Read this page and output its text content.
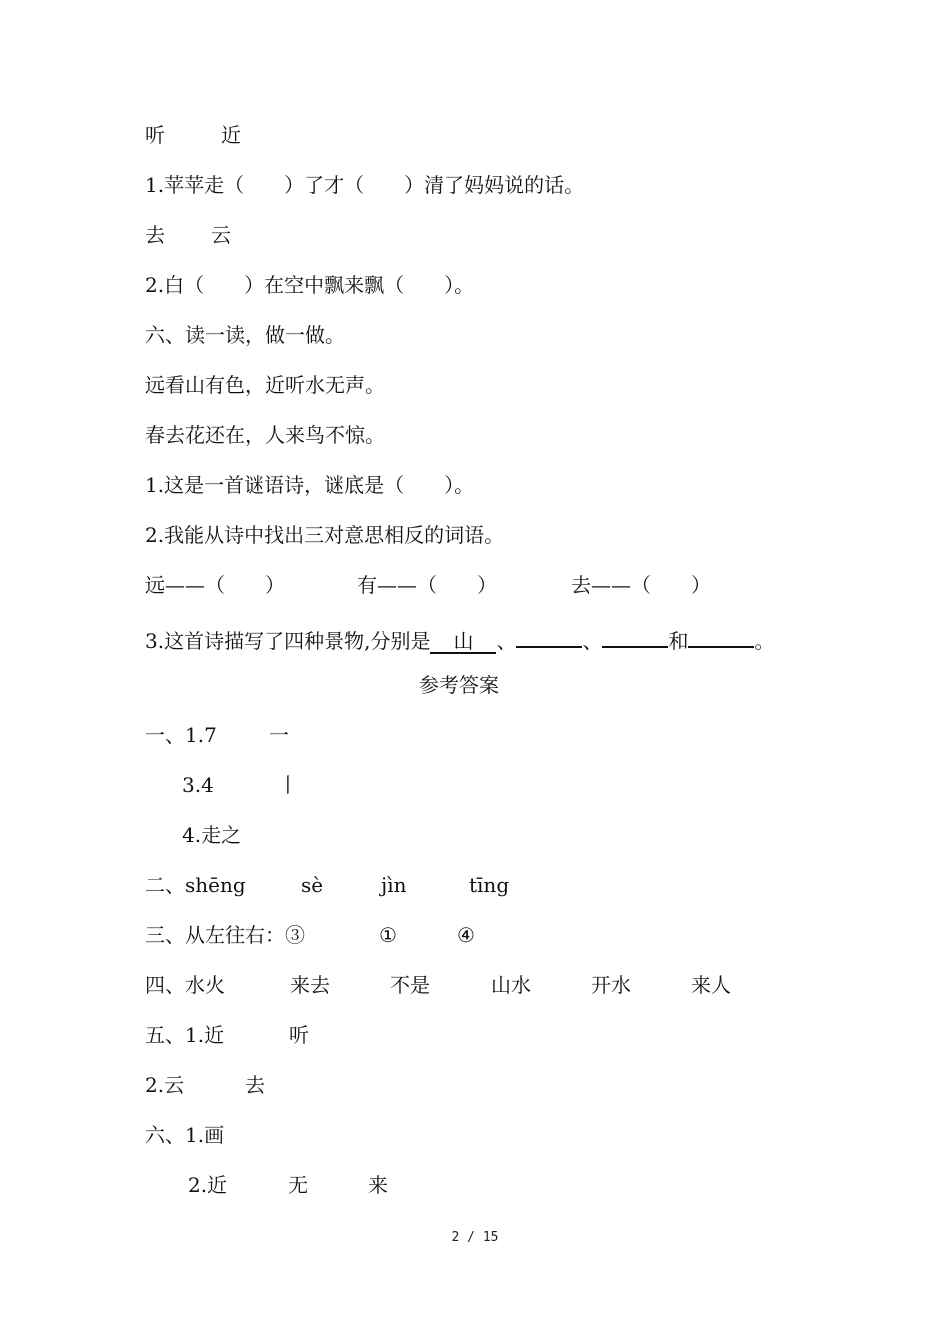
听	近
1.苹苹走（　　）了才（　　）清了妈妈说的话。
去 云
2.白（　　）在空中飘来飘（　　）。
六、读一读，做一做。
远看山有色，近听水无声。
春去花还在，人来鸟不惊。
1.这是一首谜语诗，谜底是（　　）。
2.我能从诗中找出三对意思相反的词语。
远——（　　）	有——（　　）	去——（　　）
3.这首诗描写了四种景物,分别是 山 、	、	和	。
参考答案
一、1.7	一
3.4	丨
4.走之
二、shēng	sè	jìn	tīng
三、从左往右：③	①	④
四、水火	来去	不是	山水	开水	来人
五、1.近	听
2.云	去
六、1.画
2.近	无	来
2 / 15
